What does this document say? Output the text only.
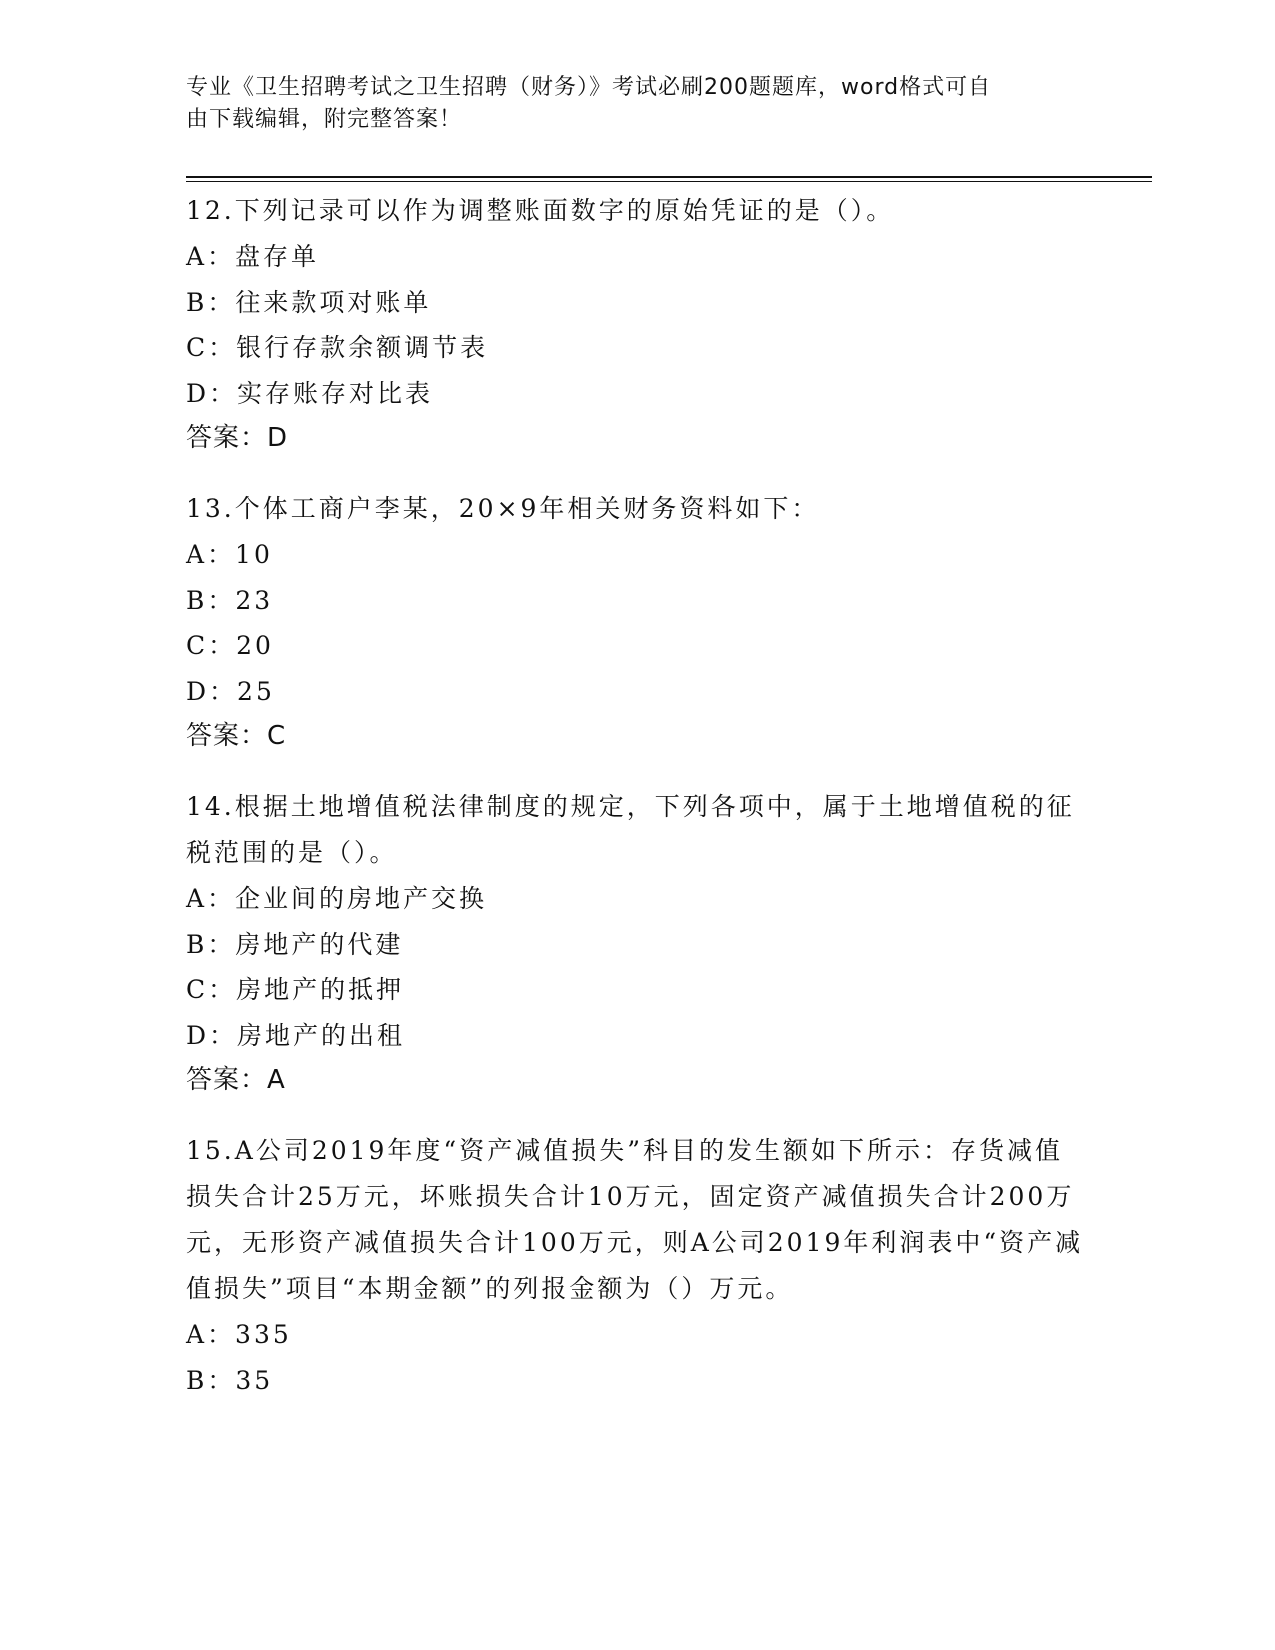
专业《卫生招聘考试之卫生招聘（财务）》考试必刷200题题库，word格式可自
由下载编辑，附完整答案！
12.下列记录可以作为调整账面数字的原始凭证的是（）。
A：盘存单
B：往来款项对账单
C：银行存款余额调节表
D：实存账存对比表
答案：D
13.个体工商户李某，20×9年相关财务资料如下：
A：10
B：23
C：20
D：25
答案：C
14.根据土地增值税法律制度的规定，下列各项中，属于土地增值税的征税范围的是（）。
A：企业间的房地产交换
B：房地产的代建
C：房地产的抵押
D：房地产的出租
答案：A
15.A公司2019年度“资产减值损失”科目的发生额如下所示：存货减值损失合计25万元，坏账损失合计10万元，固定资产减值损失合计200万元，无形资产减值损失合计100万元，则A公司2019年利润表中“资产减值损失”项目“本期金额”的列报金额为（）万元。
A：335
B：35
